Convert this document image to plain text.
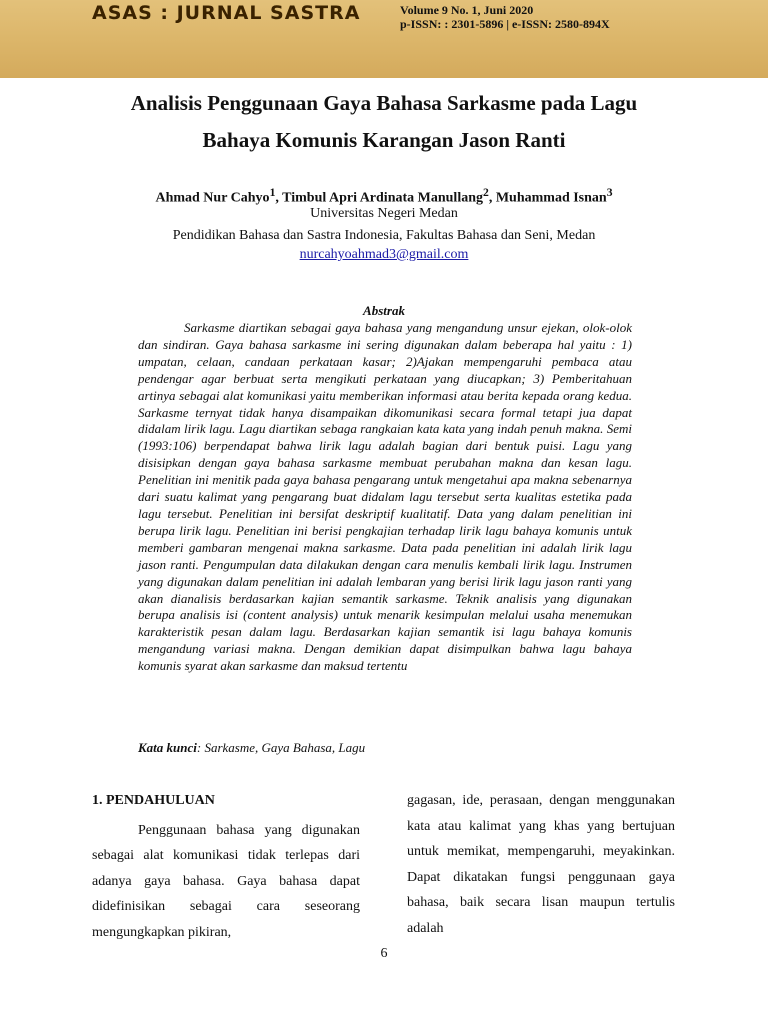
ASAS : JURNAL SASTRA	Volume 9 No. 1, Juni 2020
p-ISSN: : 2301-5896 | e-ISSN: 2580-894X
Analisis Penggunaan Gaya Bahasa Sarkasme pada Lagu
Bahaya Komunis Karangan Jason Ranti
Ahmad Nur Cahyo$^1$, Timbul Apri Ardinata Manullang$^2$, Muhammad Isnan$^3$
Universitas Negeri Medan
Pendidikan Bahasa dan Sastra Indonesia, Fakultas Bahasa dan Seni, Medan
nurcahyoahmad3@gmail.com
Abstrak

Sarkasme diartikan sebagai gaya bahasa yang mengandung unsur ejekan, olok-olok dan sindiran. Gaya bahasa sarkasme ini sering digunakan dalam beberapa hal yaitu : 1) umpatan, celaan, candaan perkataan kasar; 2)Ajakan mempengaruhi pembaca atau pendengar agar berbuat serta mengikuti perkataan yang diucapkan; 3) Pemberitahuan artinya sebagai alat komunikasi yaitu memberikan informasi atau berita kepada orang kedua. Sarkasme ternyat tidak hanya disampaikan dikomunikasi secara formal tetapi jua dapat didalam lirik lagu. Lagu diartikan sebaga rangkaian kata kata yang indah penuh makna. Semi (1993:106) berpendapat bahwa lirik lagu adalah bagian dari bentuk puisi. Lagu yang disisipkan dengan gaya bahasa sarkasme membuat perubahan makna dan kesan lagu. Penelitian ini menitik pada gaya bahasa pengarang untuk mengetahui apa makna sebenarnya dari suatu kalimat yang pengarang buat didalam lagu tersebut serta kualitas estetika pada lagu tersebut. Penelitian ini bersifat deskriptif kualitatif. Data yang dalam penelitian ini berupa lirik lagu. Penelitian ini berisi pengkajian terhadap lirik lagu bahaya komunis untuk memberi gambaran mengenai makna sarkasme. Data pada penelitian ini adalah lirik lagu jason ranti. Pengumpulan data dilakukan dengan cara menulis kembali lirik lagu. Instrumen yang digunakan dalam penelitian ini adalah lembaran yang berisi lirik lagu jason ranti yang akan dianalisis berdasarkan kajian semantik sarkasme. Teknik analisis yang digunakan berupa analisis isi (content analysis) untuk menarik kesimpulan melalui usaha menemukan karakteristik pesan dalam lagu. Berdasarkan kajian semantik isi lagu bahaya komunis mengandung variasi makna. Dengan demikian dapat disimpulkan bahwa lagu bahaya komunis syarat akan sarkasme dan maksud tertentu

Kata kunci: Sarkasme, Gaya Bahasa, Lagu
1. PENDAHULUAN

Penggunaan bahasa yang digunakan sebagai alat komunikasi tidak terlepas dari adanya gaya bahasa. Gaya bahasa dapat didefinisikan sebagai cara seseorang mengungkapkan pikiran,

gagasan, ide, perasaan, dengan menggunakan kata atau kalimat yang khas yang bertujuan untuk memikat, mempengaruhi, meyakinkan. Dapat dikatakan fungsi penggunaan gaya bahasa, baik secara lisan maupun tertulis adalah

6
